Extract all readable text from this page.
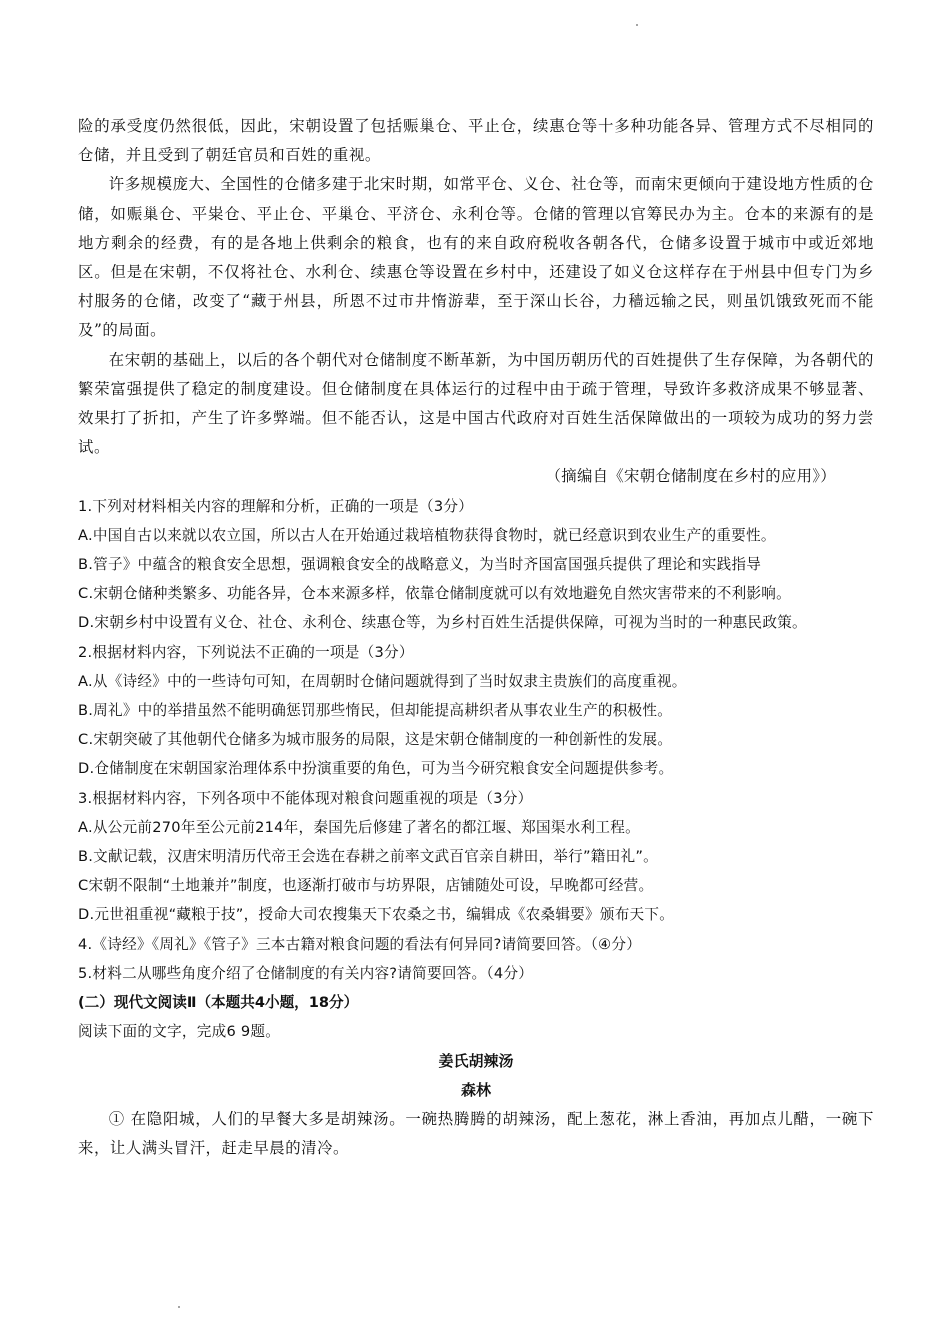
险的承受度仍然很低，因此，宋朝设置了包括赈巢仓、平止仓，续惠仓等十多种功能各异、管理方式不尽相同的仓储，并且受到了朝廷官员和百姓的重视。

许多规模庞大、全国性的仓储多建于北宋时期，如常平仓、义仓、社仓等，而南宋更倾向于建设地方性质的仓储，如赈巢仓、平粜仓、平止仓、平巢仓、平济仓、永利仓等。仓储的管理以官筹民办为主。仓本的来源有的是地方剩余的经费，有的是各地上供剩余的粮食，也有的来自政府税收各朝各代，仓储多设置于城市中或近郊地区。但是在宋朝，不仅将社仓、水利仓、续惠仓等设置在乡村中，还建设了如义仓这样存在于州县中但专门为乡村服务的仓储，改变了“藏于州县，所恩不过市井惰游辈，至于深山长谷，力穑远输之民，则虽饥饿致死而不能及”的局面。

在宋朝的基础上，以后的各个朝代对仓储制度不断革新，为中国历朝历代的百姓提供了生存保障，为各朝代的繁荣富强提供了稳定的制度建设。但仓储制度在具体运行的过程中由于疏于管理，导致许多救济成果不够显著、效果打了折扣，产生了许多弊端。但不能否认，这是中国古代政府对百姓生活保障做出的一项较为成功的努力尝试。

（摘编自《宋朝仓储制度在乡村的应用》）

1.下列对材料相关内容的理解和分析，正确的一项是（3分）

A.中国自古以来就以农立国，所以古人在开始通过栽培植物获得食物时，就已经意识到农业生产的重要性。

B.管子》中蕴含的粮食安全思想，强调粮食安全的战略意义，为当时齐国富国强兵提供了理论和实践指导

C.宋朝仓储种类繁多、功能各异，仓本来源多样，依靠仓储制度就可以有效地避免自然灾害带来的不利影响。

D.宋朝乡村中设置有义仓、社仓、永利仓、续惠仓等，为乡村百姓生活提供保障，可视为当时的一种惠民政策。

2.根据材料内容，下列说法不正确的一项是（3分）

A.从《诗经》中的一些诗句可知，在周朝时仓储问题就得到了当时奴隶主贵族们的高度重视。

B.周礼》中的举措虽然不能明确惩罚那些惰民，但却能提高耕织者从事农业生产的积极性。

C.宋朝突破了其他朝代仓储多为城市服务的局限，这是宋朝仓储制度的一种创新性的发展。

D.仓储制度在宋朝国家治理体系中扮演重要的角色，可为当今研究粮食安全问题提供参考。

3.根据材料内容，下列各项中不能体现对粮食问题重视的项是（3分）

A.从公元前270年至公元前214年，秦国先后修建了著名的都江堰、郑国渠水利工程。

B.文献记载，汉唐宋明清历代帝王会选在春耕之前率文武百官亲自耕田，举行”籍田礼”。

C宋朝不限制“土地兼并”制度，也逐渐打破市与坊界限，店铺随处可设，早晚都可经营。

D.元世祖重视“藏粮于技”，授命大司农搜集天下农桑之书，编辑成《农桑辑要》颁布天下。

4.《诗经》《周礼》《管子》三本古籍对粮食问题的看法有何异同?请简要回答。（④分）

5.材料二从哪些角度介绍了仓储制度的有关内容?请简要回答。（4分）

(二）现代文阅读Ⅱ（本题共4小题，18分）

阅读下面的文字，完成6 9题。

姜氏胡辣汤

森林

① 在隐阳城，人们的早餐大多是胡辣汤。一碗热腾腾的胡辣汤，配上葱花，淋上香油，再加点儿醋，一碗下来，让人满头冒汗，赶走早晨的清冷。
